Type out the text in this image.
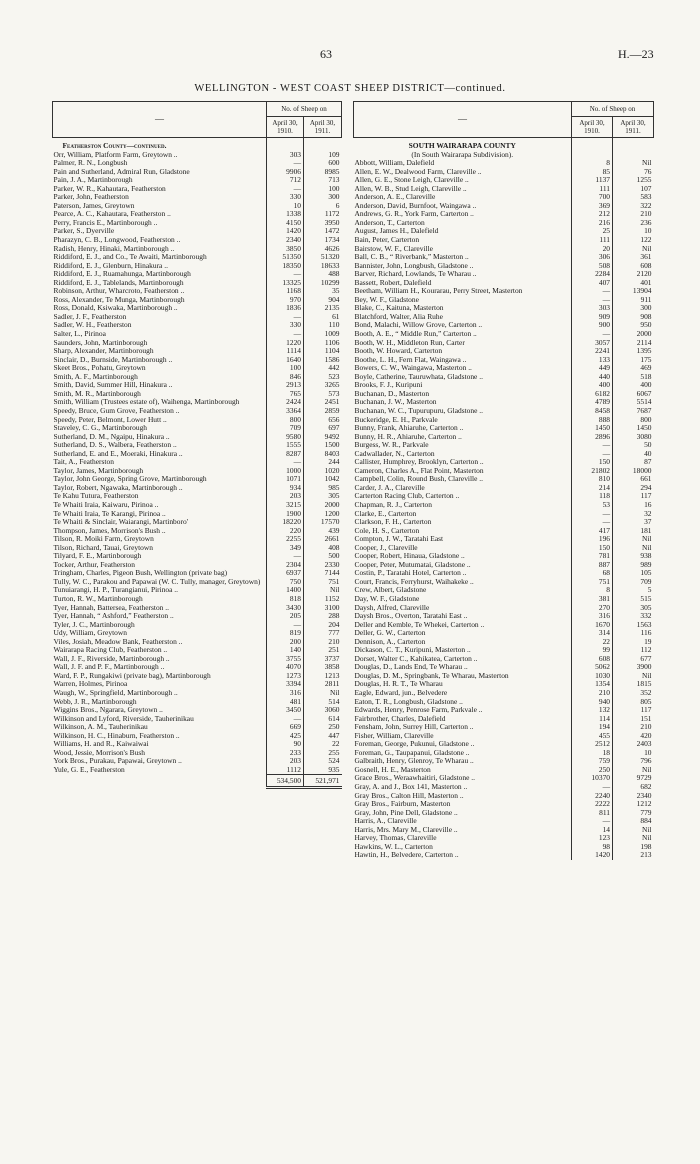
63	H.—23
WELLINGTON - WEST COAST SHEEP DISTRICT—continued.
—	No. of Sheep on	
	April 30, 1910.	April 30, 1911.
Featherston County—continued.		
Orr, William, Platform Farm, Greytown ..	303	109
Palmer, R. N., Longbush	—	600
Pain and Sutherland, Admiral Run, Gladstone	9906	8985
Pain, J. A., Martinborough	712	713
Parker, W. R., Kahautara, Featherston	—	100
Parker, John, Featherston	330	300
Paterson, James, Greytown	10	6
Pearce, A. C., Kahautara, Featherston ..	1338	1172
Perry, Francis E., Martinborough ..	4150	3950
Parker, S., Dyerville	1420	1472
Pharazyn, C. B., Longwood, Featherston ..	2340	1734
Radish, Henry, Hinaki, Martinborough ..	3850	4626
Riddiford, E. J., and Co., Te Awaiti, Martinborough	51350	51320
Riddiford, E. J., Glenburn, Hinakura ..	18350	18633
Riddiford, E. J., Ruamahunga, Martinborough	—	488
Riddiford, E. J., Tablelands, Martinborough	13325	10299
Robinson, Arthur, Wharcroto, Featherston ..	1168	35
Ross, Alexander, Te Munga, Martinborough	970	904
Ross, Donald, Ksiwaka, Martinborough ..	1836	2135
Sadler, J. F., Featherston	—	61
Sadler, W. H., Featherston	330	110
Salter, L., Pirinoa	—	1009
Saunders, John, Martinborough	1220	1106
Sharp, Alexander, Martinborough	1114	1104
Sinclair, D., Burnside, Martinborough ..	1640	1586
Skeet Bros., Pohatu, Greytown	100	442
Smith, A. F., Martinborough	846	523
Smith, David, Summer Hill, Hinakura ..	2913	3265
Smith, M. R., Martinborough	765	573
Smith, William (Trustees estate of), Waihenga, Martinborough	2424	2451
Speedy, Bruce, Gum Grove, Featherston ..	3364	2859
Speedy, Peter, Belmont, Lower Hutt ..	800	656
Staveley, C. G., Martinborough	709	697
Sutherland, D. M., Ngaipu, Hinakura ..	9580	9492
Sutherland, D. S., Walbera, Featherston ..	1555	1500
Sutherland, E. and E., Moeraki, Hinakura ..	8287	8403
Tait, A., Featherston	—	244
Taylor, James, Martinborough	1000	1020
Taylor, John George, Spring Grove, Martinborough	1071	1042
Taylor, Robert, Ngawaka, Martinborough ..	934	985
Te Kahu Tutura, Featherston	203	305
Te Whaiti Iraia, Kaiwaru, Pirinoa ..	3215	2000
Te Whaiti Iraia, Te Karangi, Pirinoa ..	1900	1200
Te Whaiti & Sinclair, Waiarangi, Martinboro'	18220	17570
Thompson, James, Morrison's Bush ..	220	439
Tilson, R. Moiki Farm, Greytown	2255	2661
Tilson, Richard, Tauai, Greytown	349	408
Tilyard, F. E., Martinborough	—	500
Tocker, Arthur, Featherston	2304	2330
Tringham, Charles, Pigeon Bush, Wellington (private bag)	6937	7144
Tully, W. C., Parakou and Papawai (W. C. Tully, manager, Greytown)	750	751
Tunuiarangi, H. P., Turangianui, Pirinoa ..	1400	Nil
Turton, R. W., Martinborough	818	1152
Tyer, Hannah, Battersea, Featherston ..	3430	3100
Tyer, Hannah, “ Ashford,” Featherston ..	205	288
Tyler, J. C., Martinborough	—	204
Udy, William, Greytown	819	777
Viles, Josiah, Meadow Bank, Featherston ..	200	210
Wairarapa Racing Club, Featherston ..	140	251
Wall, J. F., Riverside, Martinborough ..	3755	3737
Wall, J. F. and P. F., Martinborough ..	4070	3858
Ward, F. P., Rungakiwi (private bag), Martinborough	1273	1213
Warren, Holmes, Pirinoa	3394	2811
Waugh, W., Springfield, Martinborough ..	316	Nil
Webb, J. R., Martinborough	481	514
Wiggins Bros., Ngarara, Greytown ..	3450	3060
Wilkinson and Lyford, Riverside, Tauherinikau	—	614
Wilkinson, A. M., Tauherinikau	669	250
Wilkinson, H. C., Hinaburn, Featherston ..	425	447
Williams, H. and R., Kaiwaiwai	90	22
Wood, Jessie, Morrison's Bush	233	255
York Bros., Purakau, Papawai, Greytown ..	203	524
Yule, G. E., Featherston	1112	935
	534,500	521,971
—	No. of Sheep on	
	April 30, 1910.	April 30, 1911.
SOUTH WAIRARAPA COUNTY		
(In South Wairarapa Subdivision).		
Abbott, William, Dalefield	8	Nil
Allen, E. W., Dealwood Farm, Clareville ..	85	76
Allen, G. E., Stone Leigh, Clareville ..	1137	1255
Allen, W. B., Stud Leigh, Clareville ..	111	107
Anderson, A. E., Clareville	700	583
Anderson, David, Burnfoot, Waingawa ..	369	322
Andrews, G. R., York Farm, Carterton ..	212	210
Anderson, T., Carterton	216	236
August, James H., Dalefield	25	10
Bain, Peter, Carterton	111	122
Bairstow, W. F., Clareville	20	Nil
Ball, C. B., “ Riverbank,” Masterton ..	306	361
Bannister, John, Longbush, Gladstone ..	508	608
Barver, Richard, Lowlands, Te Wharau ..	2284	2120
Bassett, Robert, Dalefield	407	401
Beetham, William H., Kourarau, Perry Street, Masterton	—	13904
Bey, W. F., Gladstone	—	911
Blake, C., Kaituna, Masterton	303	300
Blatchford, Walter, Alia Ruhe	909	908
Bond, Malachi, Willow Grove, Carterton ..	900	950
Booth, A. E., “ Middle Run,” Carterton ..	—	2000
Booth, W. H., Middleton Run, Carter	3057	2114
Booth, W. Howard, Carterton	2241	1395
Boothe, L. H., Fern Flat, Waingawa ..	133	175
Bowers, C. W., Waingawa, Masterton ..	449	469
Boyle, Catherine, Tauruwhata, Gladstone ..	440	518
Brooks, F. J., Kuripuni	400	400
Buchanan, D., Masterton	6182	6067
Buchanan, J. W., Masterton	4789	5514
Buchanan, W. C., Tupurupuru, Gladstone ..	8458	7687
Buckeridge, E. H., Parkvale	888	800
Bunny, Frank, Ahiaruhe, Carterton ..	1450	1450
Bunny, H. R., Ahiaruhe, Carterton ..	2896	3080
Burgess, W. R., Parkvale	—	50
Cadwallader, N., Carterton	—	40
Callister, Humphrey, Brooklyn, Carterton ..	150	87
Cameron, Charles A., Flat Point, Masterton	21802	18000
Campbell, Colin, Round Bush, Clareville ..	810	661
Carder, J. A., Clareville	214	294
Carterton Racing Club, Carterton ..	118	117
Chapman, R. J., Carterton	53	16
Clarke, E., Carterton	—	32
Clarkson, F. H., Carterton	—	37
Cole, H. S., Carterton	417	181
Compton, J. W., Taratahi East	196	Nil
Cooper, J., Clareville	150	Nil
Cooper, Robert, Hinaua, Gladstone ..	781	938
Cooper, Peter, Mutumatai, Gladstone ..	887	989
Costin, P., Taratahi Hotel, Carterton ..	68	105
Court, Francis, Ferryhurst, Waihakeke ..	751	709
Crew, Albert, Gladstone	8	5
Day, W. F., Gladstone	381	515
Daysh, Alfred, Clareville	270	305
Daysh Bros., Overton, Taratahi East ..	316	332
Deller and Kemble, Te Whekei, Carterton ..	1670	1563
Deller, G. W., Carterton	314	116
Dennison, A., Carterton	22	19
Dickason, C. T., Kuripuni, Masterton ..	99	112
Dorset, Walter C., Kahikatea, Carterton ..	608	677
Douglas, D., Lands End, Te Wharau ..	5062	3900
Douglas, D. M., Springbank, Te Wharau, Masterton	1030	Nil
Douglas, H. R. T., Te Wharau	1354	1815
Eagle, Edward, jun., Belvedere	210	352
Eaton, T. R., Longbush, Gladstone ..	940	805
Edwards, Henry, Penrose Farm, Parkvale ..	132	117
Fairbrother, Charles, Dalefield	114	151
Fensham, John, Surrey Hill, Carterton ..	194	210
Fisher, William, Clareville	455	420
Foreman, George, Pukunui, Gladstone ..	2512	2403
Foreman, G., Taupapanui, Gladstone ..	18	10
Galbraith, Henry, Glenroy, Te Wharau ..	759	796
Gosnell, H. E., Masterton	250	Nil
Grace Bros., Weraawhaitiri, Gladstone ..	10370	9729
Gray, A. and J., Box 141, Masterton ..	—	682
Gray Bros., Calton Hill, Masterton ..	2240	2340
Gray Bros., Fairburn, Masterton	2222	1212
Gray, John, Pine Dell, Gladstone ..	811	779
Harris, A., Clareville	—	884
Harris, Mrs. Mary M., Clareville ..	14	Nil
Harvey, Thomas, Clareville	123	Nil
Hawkins, W. L., Carterton	98	198
Hawtin, H., Belvedere, Carterton ..	1420	213
